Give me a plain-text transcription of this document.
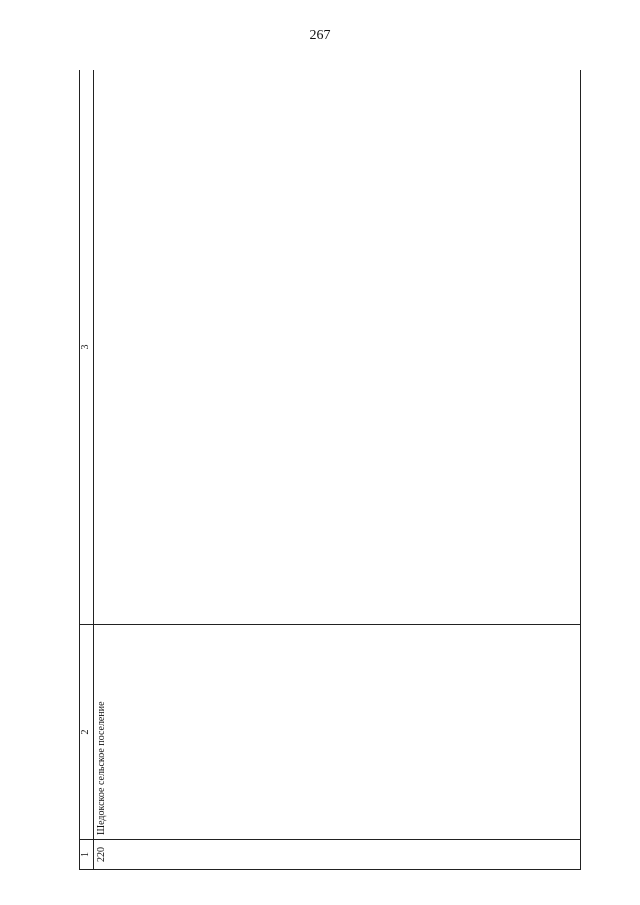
267
1	2	3
220	Шедокское сельское поселение	
